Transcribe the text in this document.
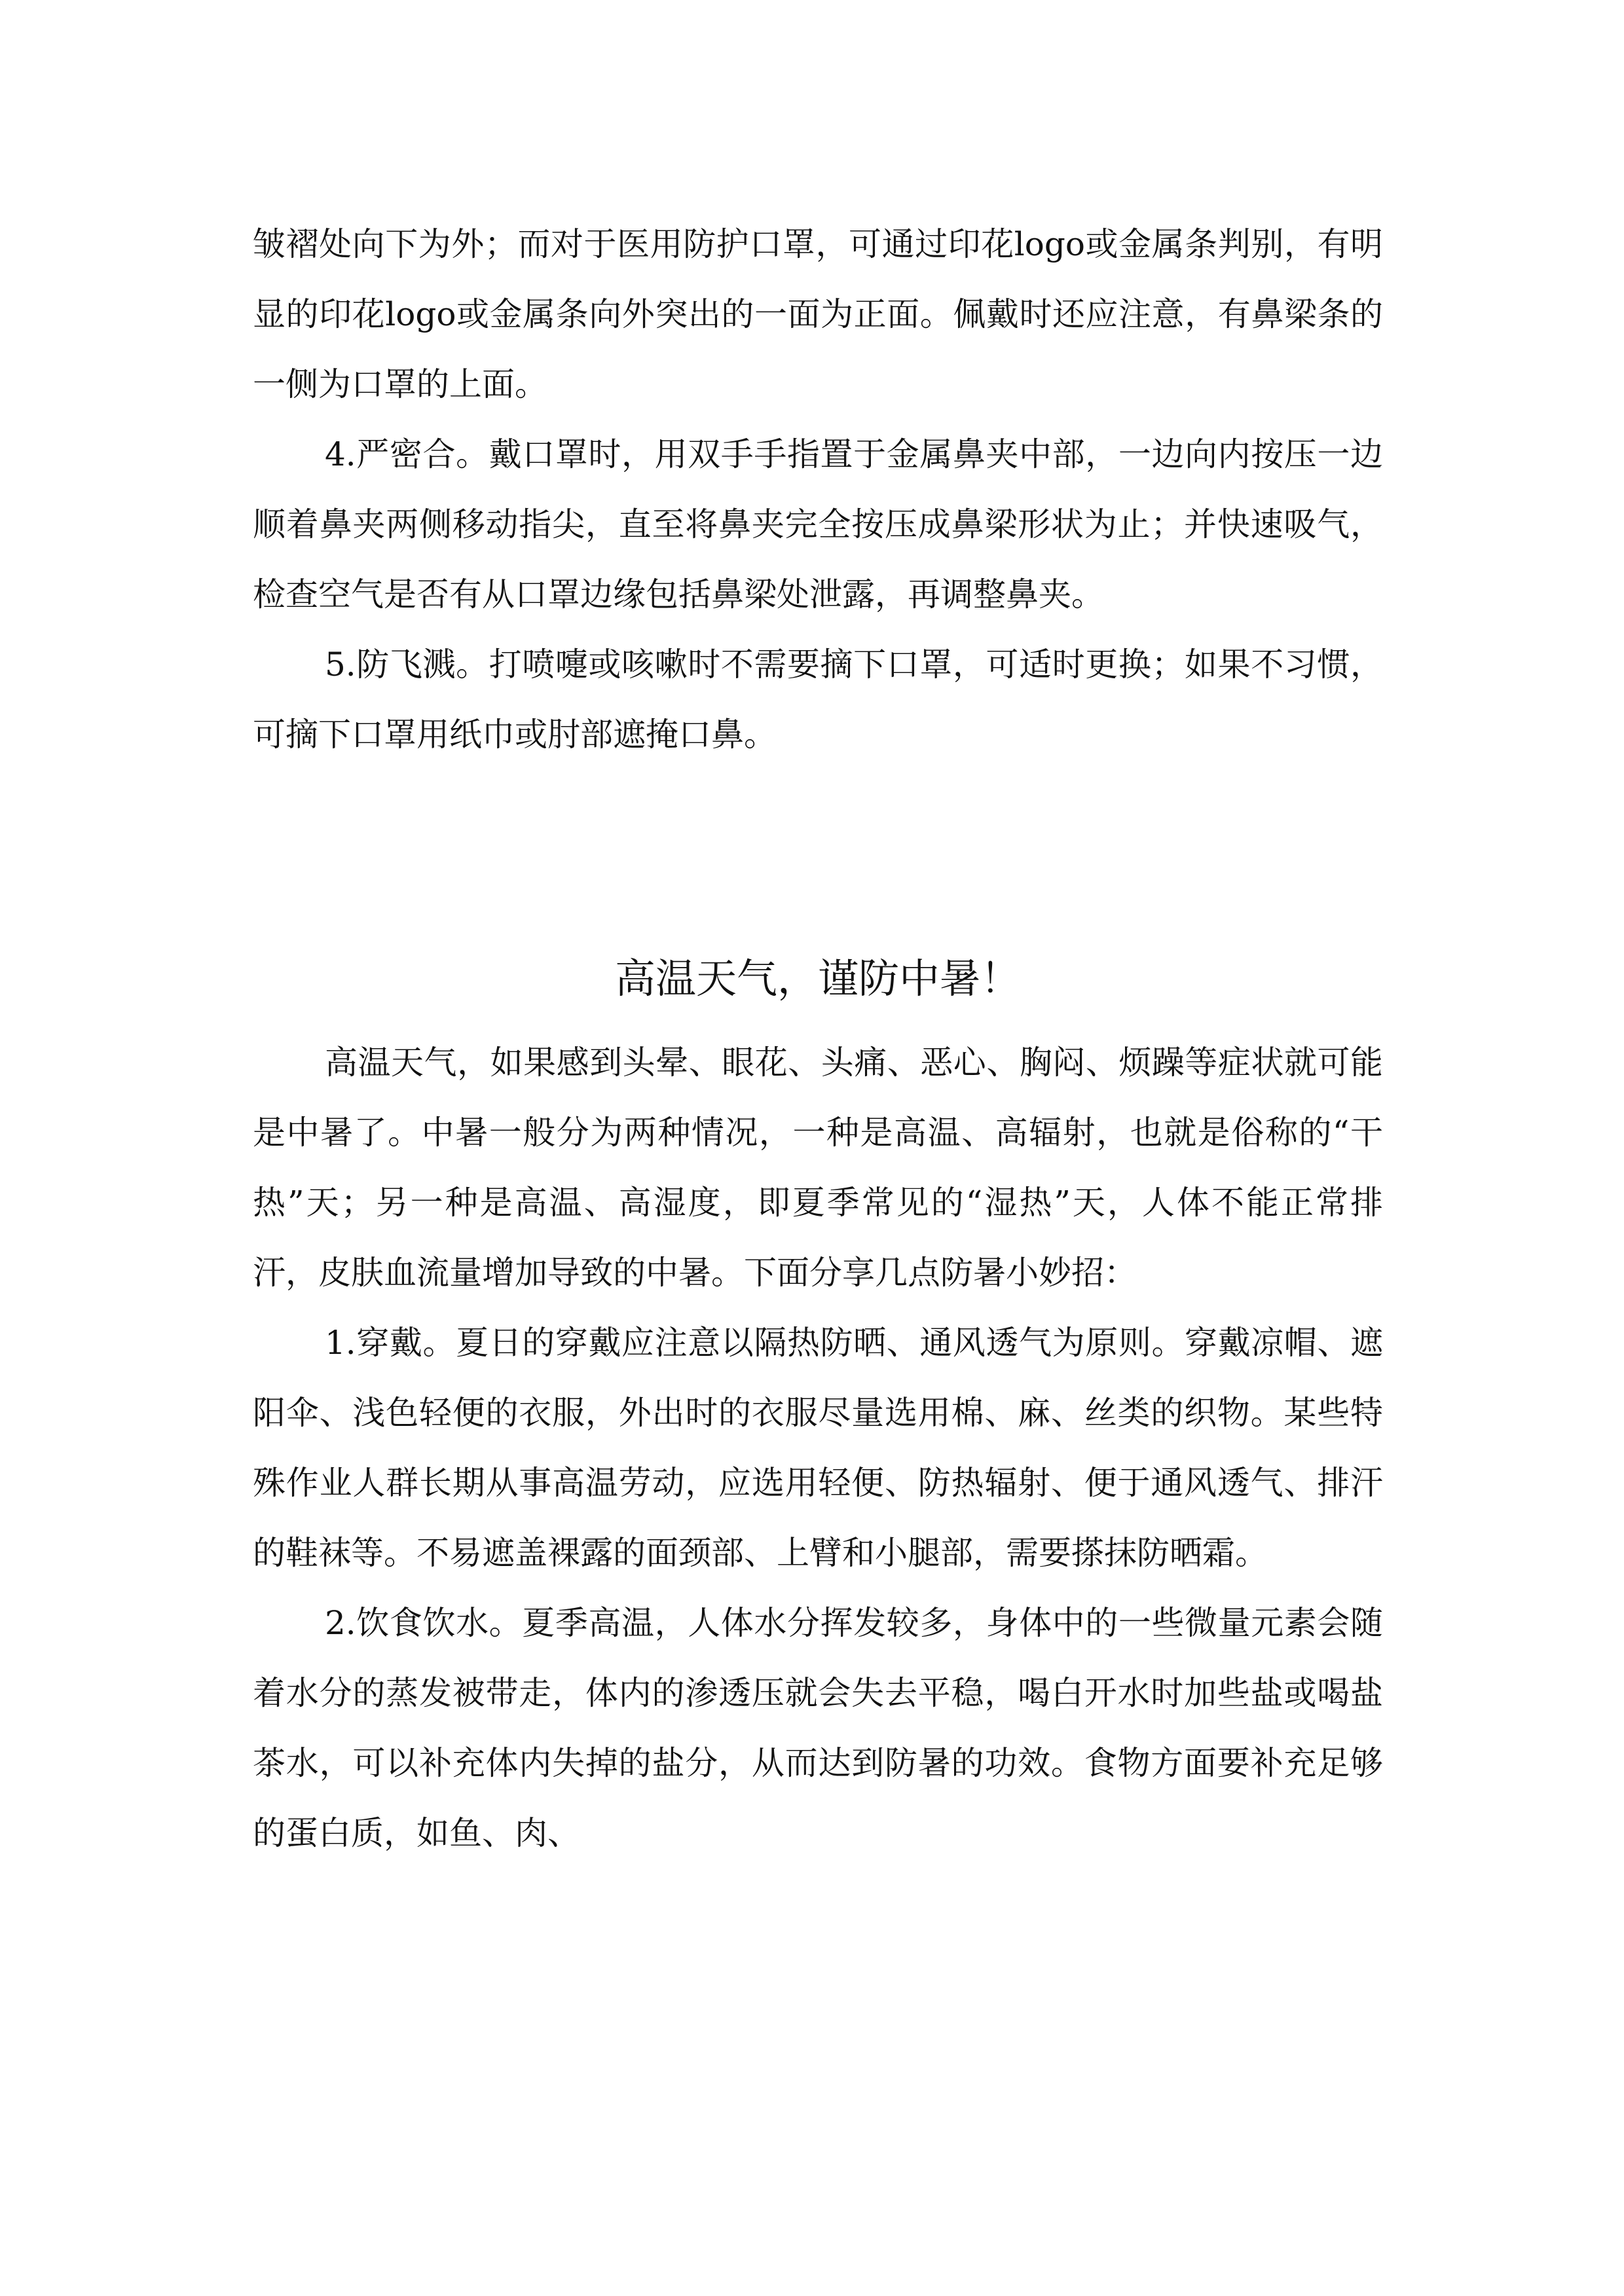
皱褶处向下为外；而对于医用防护口罩，可通过印花logo或金属条判别，有明显的印花logo或金属条向外突出的一面为正面。佩戴时还应注意，有鼻梁条的一侧为口罩的上面。

4.严密合。戴口罩时，用双手手指置于金属鼻夹中部，一边向内按压一边顺着鼻夹两侧移动指尖，直至将鼻夹完全按压成鼻梁形状为止；并快速吸气，检查空气是否有从口罩边缘包括鼻梁处泄露，再调整鼻夹。

5.防飞溅。打喷嚏或咳嗽时不需要摘下口罩，可适时更换；如果不习惯，可摘下口罩用纸巾或肘部遮掩口鼻。

高温天气，谨防中暑！

高温天气，如果感到头晕、眼花、头痛、恶心、胸闷、烦躁等症状就可能是中暑了。中暑一般分为两种情况，一种是高温、高辐射，也就是俗称的“干热”天；另一种是高温、高湿度，即夏季常见的“湿热”天，人体不能正常排汗，皮肤血流量增加导致的中暑。下面分享几点防暑小妙招：

1.穿戴。夏日的穿戴应注意以隔热防晒、通风透气为原则。穿戴凉帽、遮阳伞、浅色轻便的衣服，外出时的衣服尽量选用棉、麻、丝类的织物。某些特殊作业人群长期从事高温劳动，应选用轻便、防热辐射、便于通风透气、排汗的鞋袜等。不易遮盖裸露的面颈部、上臂和小腿部，需要搽抹防晒霜。

2.饮食饮水。夏季高温，人体水分挥发较多，身体中的一些微量元素会随着水分的蒸发被带走，体内的渗透压就会失去平稳，喝白开水时加些盐或喝盐茶水，可以补充体内失掉的盐分，从而达到防暑的功效。食物方面要补充足够的蛋白质，如鱼、肉、
